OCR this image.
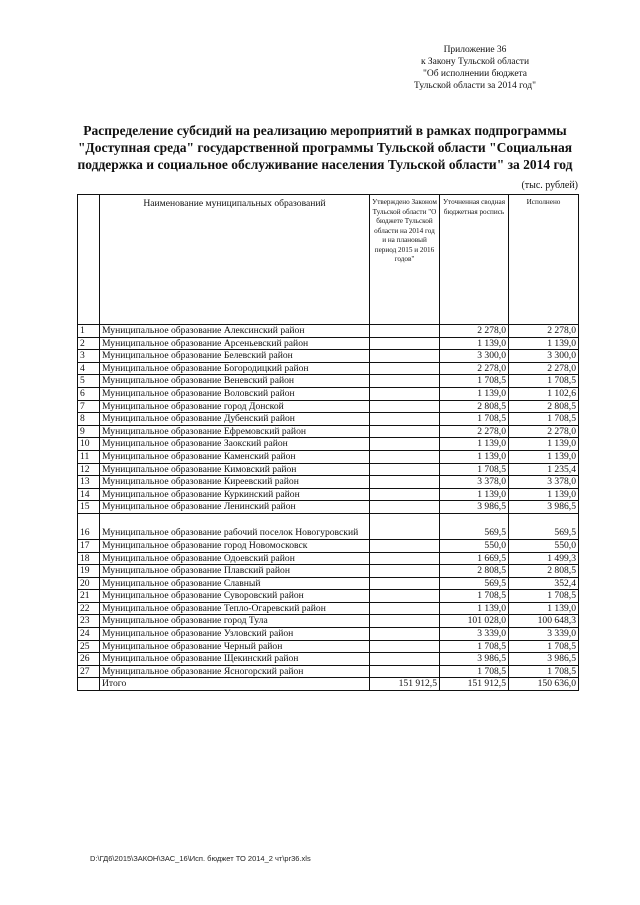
Приложение 36
к Закону Тульской области
"Об исполнении бюджета
Тульской области за 2014 год"
Распределение субсидий на реализацию мероприятий в рамках подпрограммы
"Доступная среда" государственной программы Тульской области "Социальная
поддержка и социальное обслуживание населения Тульской области" за 2014 год
(тыс. рублей)
	Наименование муниципальных образований	Утверждено Законом Тульской области "О бюджете Тульской области на 2014 год и на плановый период 2015 и 2016 годов"	Уточненная сводная бюджетная роспись	Исполнено
1	Муниципальное образование Алексинский район		2 278,0	2 278,0
2	Муниципальное образование Арсеньевский район		1 139,0	1 139,0
3	Муниципальное образование Белевский район		3 300,0	3 300,0
4	Муниципальное образование Богородицкий район		2 278,0	2 278,0
5	Муниципальное образование Веневский район		1 708,5	1 708,5
6	Муниципальное образование Воловский район		1 139,0	1 102,6
7	Муниципальное образование город Донской		2 808,5	2 808,5
8	Муниципальное образование Дубенский район		1 708,5	1 708,5
9	Муниципальное образование Ефремовский район		2 278,0	2 278,0
10	Муниципальное образование Заокский район		1 139,0	1 139,0
11	Муниципальное образование Каменский район		1 139,0	1 139,0
12	Муниципальное образование Кимовский район		1 708,5	1 235,4
13	Муниципальное образование Киреевский район		3 378,0	3 378,0
14	Муниципальное образование Куркинский район		1 139,0	1 139,0
15	Муниципальное образование Ленинский район		3 986,5	3 986,5
16	Муниципальное образование рабочий поселок Новогуровский		569,5	569,5
17	Муниципальное образование город Новомосковск		550,0	550,0
18	Муниципальное образование Одоевский район		1 669,5	1 499,3
19	Муниципальное образование Плавский район		2 808,5	2 808,5
20	Муниципальное образование Славный		569,5	352,4
21	Муниципальное образование Суворовский район		1 708,5	1 708,5
22	Муниципальное образование Тепло-Огаревский район		1 139,0	1 139,0
23	Муниципальное образование город Тула		101 028,0	100 648,3
24	Муниципальное образование Узловский район		3 339,0	3 339,0
25	Муниципальное образование Черный район		1 708,5	1 708,5
26	Муниципальное образование Щекинский район		3 986,5	3 986,5
27	Муниципальное образование Ясногорский район		1 708,5	1 708,5
	Итого	151 912,5	151 912,5	150 636,0
D:\ГД6\2015\ЗАКОН\ЗАС_16\Исп. бюджет ТО 2014_2 чт\pr36.xls
